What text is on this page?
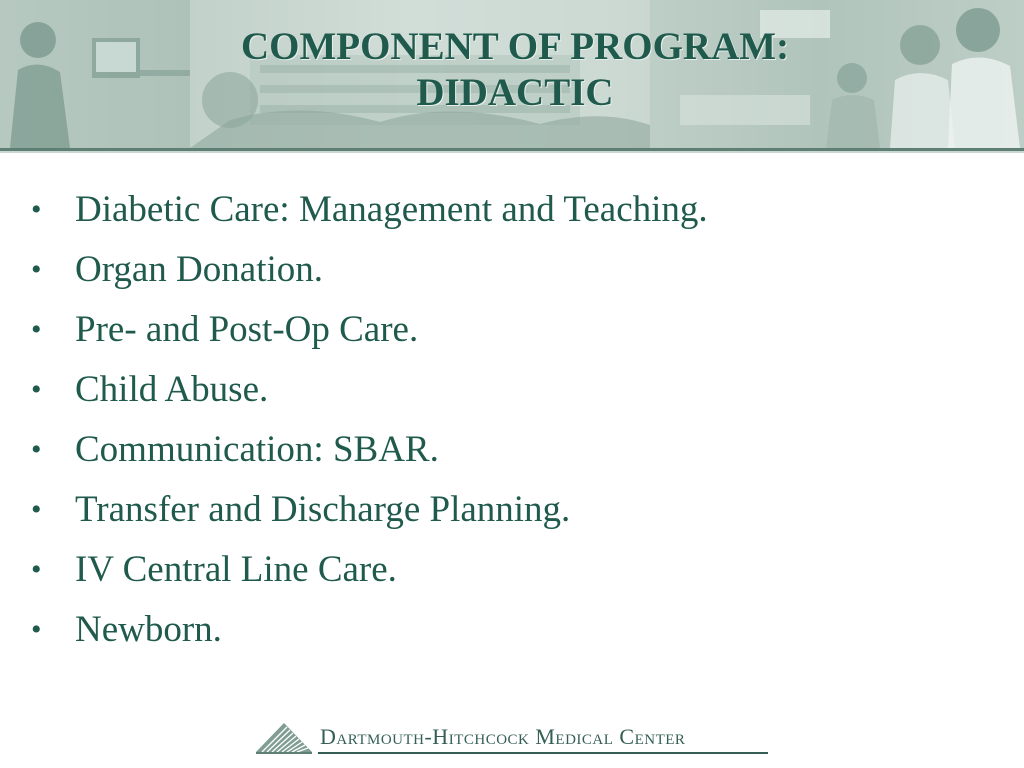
COMPONENT OF PROGRAM:
DIDACTIC
• Diabetic Care: Management and Teaching.
• Organ Donation.
• Pre- and Post-Op Care.
• Child Abuse.
• Communication: SBAR.
• Transfer and Discharge Planning.
• IV Central Line Care.
• Newborn.
Dartmouth-Hitchcock Medical Center
